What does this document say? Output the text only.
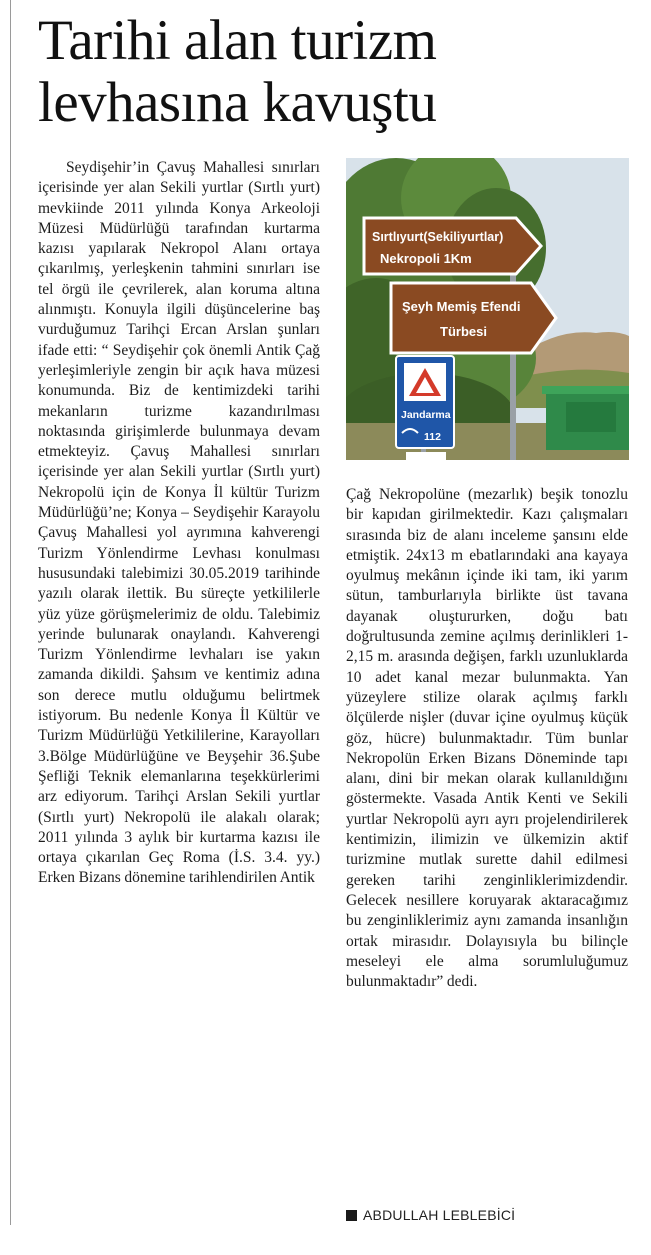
Tarihi alan turizm levhasına kavuştu

Seydişehir’in Çavuş Mahallesi sınırları içerisinde yer alan Sekili yurtlar (Sırtlı yurt) mevkiinde 2011 yılında Konya Arkeoloji Müzesi Müdürlüğü tarafından kurtarma kazısı yapılarak Nekropol Alanı ortaya çıkarılmış, yerleşkenin tahmini sınırları ise tel örgü ile çevrilerek, alan koruma altına alınmıştı. Konuyla ilgili düşüncelerine baş vurduğumuz Tarihçi Ercan Arslan şunları ifade etti: “ Seydişehir çok önemli Antik Çağ yerleşimleriyle zengin bir açık hava müzesi konumunda. Biz de kentimizdeki tarihi mekanların turizme kazandırılması noktasında girişimlerde bulunmaya devam etmekteyiz. Çavuş Mahallesi sınırları içerisinde yer alan Sekili yurtlar (Sırtlı yurt) Nekropolü için de Konya İl kültür Turizm Müdürlüğü’ne; Konya – Seydişehir Karayolu Çavuş Mahallesi yol ayrımına kahverengi Turizm Yönlendirme Levhası konulması hususundaki talebimizi 30.05.2019 tarihinde yazılı olarak ilettik. Bu süreçte yetkililerle yüz yüze görüşmelerimiz de oldu. Talebimiz yerinde bulunarak onaylandı. Kahverengi Turizm Yönlendirme levhaları ise yakın zamanda dikildi. Şahsım ve kentimiz adına son derece mutlu olduğumu belirtmek istiyorum. Bu nedenle Konya İl Kültür ve Turizm Müdürlüğü Yetkililerine, Karayolları 3.Bölge Müdürlüğüne ve Beyşehir 36.Şube Şefliği Teknik elemanlarına teşekkürlerimi arz ediyorum. Tarihçi Arslan Sekili yurtlar (Sırtlı yurt) Nekropolü ile alakalı olarak; 2011 yılında 3 aylık bir kurtarma kazısı ile ortaya çıkarılan Geç Roma (İ.S. 3.4. yy.) Erken Bizans dönemine tarihlendirilen Antik

Sırtlıyurt(Sekiliyurtlar)
Nekropoli 1Km
Şeyh Memiş Efendi
Türbesi
Jandarma
112

Çağ Nekropolüne (mezarlık) beşik tonozlu bir kapıdan girilmektedir. Kazı çalışmaları sırasında biz de alanı inceleme şansını elde etmiştik. 24x13 m ebatlarındaki ana kayaya oyulmuş mekânın içinde iki tam, iki yarım sütun, tamburlarıyla birlikte üst tavana dayanak oluştururken, doğu batı doğrultusunda zemine açılmış derinlikleri 1-2,15 m. arasında değişen, farklı uzunluklarda 10 adet kanal mezar bulunmakta. Yan yüzeylere stilize olarak açılmış farklı ölçülerde nişler (duvar içine oyulmuş küçük göz, hücre) bulunmaktadır. Tüm bunlar Nekropolün Erken Bizans Döneminde tapı alanı, dini bir mekan olarak kullanıldığını göstermekte. Vasada Antik Kenti ve Sekili yurtlar Nekropolü ayrı ayrı projelendirilerek kentimizin, ilimizin ve ülkemizin aktif turizmine mutlak surette dahil edilmesi gereken tarihi zenginliklerimizdendir. Gelecek nesillere koruyarak aktaracağımız bu zenginliklerimiz aynı zamanda insanlığın ortak mirasıdır. Dolayısıyla bu bilinçle meseleyi ele alma sorumluluğumuz bulunmaktadır” dedi.

ABDULLAH LEBLEBİCİ
